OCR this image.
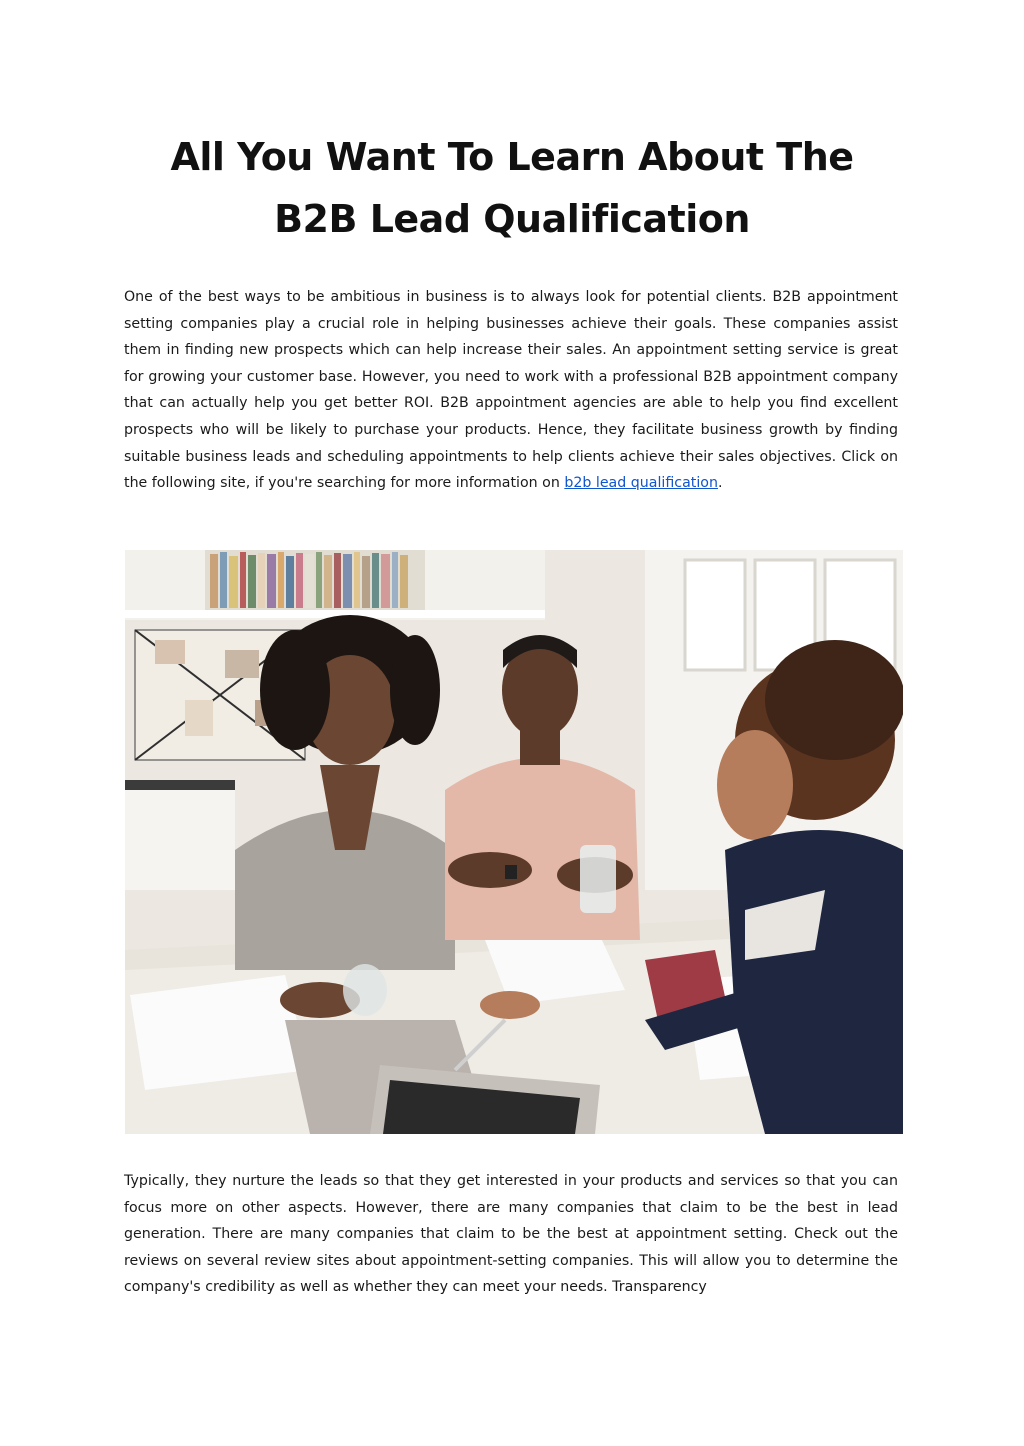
All You Want To Learn About The B2B Lead Qualification

One of the best ways to be ambitious in business is to always look for potential clients. B2B appointment setting companies play a crucial role in helping businesses achieve their goals. These companies assist them in finding new prospects which can help increase their sales. An appointment setting service is great for growing your customer base. However, you need to work with a professional B2B appointment company that can actually help you get better ROI. B2B appointment agencies are able to help you find excellent prospects who will be likely to purchase your products. Hence, they facilitate business growth by finding suitable business leads and scheduling appointments to help clients achieve their sales objectives. Click on the following site, if you're searching for more information on b2b lead qualification.

Typically, they nurture the leads so that they get interested in your products and services so that you can focus more on other aspects. However, there are many companies that claim to be the best in lead generation. There are many companies that claim to be the best at appointment setting. Check out the reviews on several review sites about appointment-setting companies. This will allow you to determine the company's credibility as well as whether they can meet your needs. Transparency
